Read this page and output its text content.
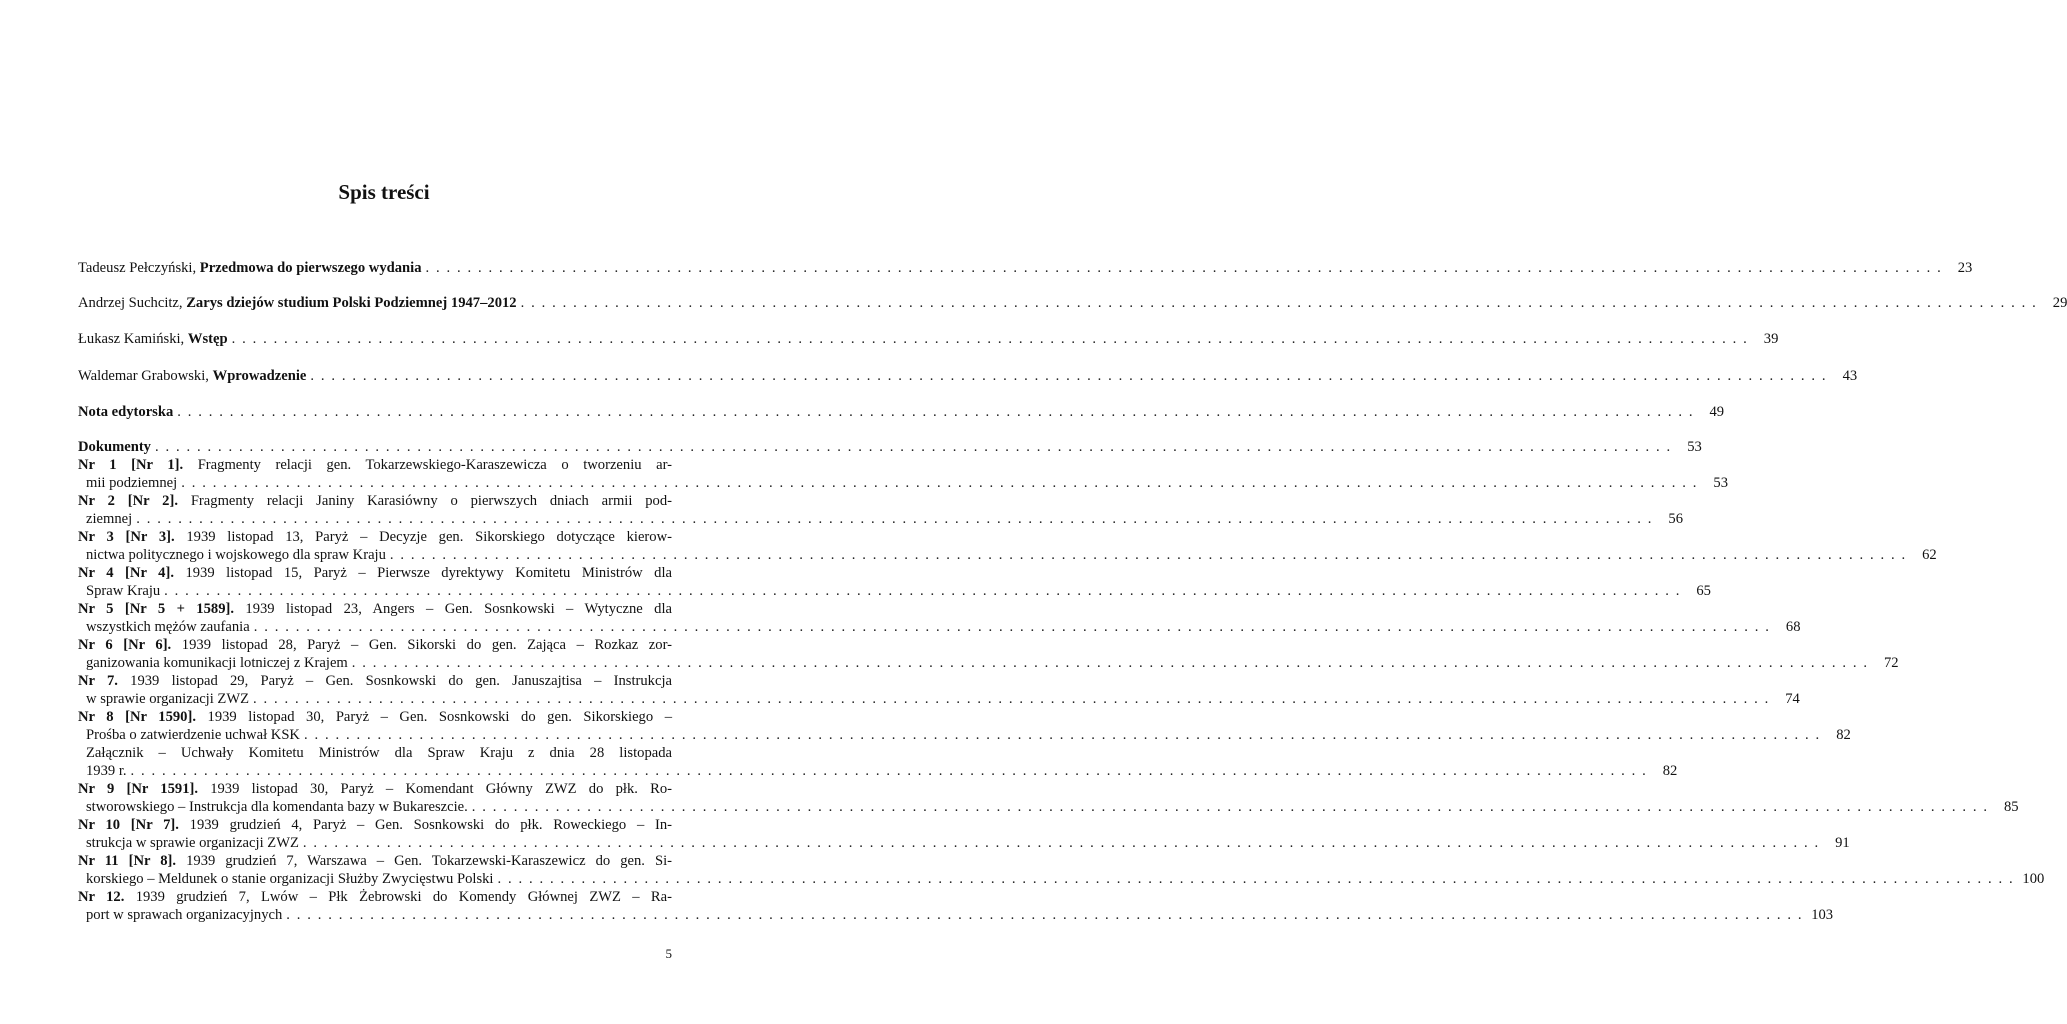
Spis treści
Tadeusz Pełczyński, Przedmowa do pierwszego wydania . . .	23
Andrzej Suchcitz, Zarys dziejów studium Polski Podziemnej 1947–2012 . . .	29
Łukasz Kamiński, Wstęp . . .	39
Waldemar Grabowski, Wprowadzenie . . .	43
Nota edytorska . . .	49
Dokumenty . . .	53
Nr 1 [Nr 1]. Fragmenty relacji gen. Tokarzewskiego-Karaszewicza o tworzeniu ar-
mii podziemnej . . .	53
Nr 2 [Nr 2]. Fragmenty relacji Janiny Karasiówny o pierwszych dniach armii pod-
ziemnej . . .	56
Nr 3 [Nr 3]. 1939 listopad 13, Paryż – Decyzje gen. Sikorskiego dotyczące kierow-
nictwa politycznego i wojskowego dla spraw Kraju . . .	62
Nr 4 [Nr 4]. 1939 listopad 15, Paryż – Pierwsze dyrektywy Komitetu Ministrów dla
Spraw Kraju . . .	65
Nr 5 [Nr 5 + 1589]. 1939 listopad 23, Angers – Gen. Sosnkowski – Wytyczne dla
wszystkich mężów zaufania . . .	68
Nr 6 [Nr 6]. 1939 listopad 28, Paryż – Gen. Sikorski do gen. Zająca – Rozkaz zor-
ganizowania komunikacji lotniczej z Krajem . . .	72
Nr 7. 1939 listopad 29, Paryż – Gen. Sosnkowski do gen. Januszajtisa – Instrukcja
w sprawie organizacji ZWZ . . .	74
Nr 8 [Nr 1590]. 1939 listopad 30, Paryż – Gen. Sosnkowski do gen. Sikorskiego –
Prośba o zatwierdzenie uchwał KSK . . .	82
Załącznik – Uchwały Komitetu Ministrów dla Spraw Kraju z dnia 28 listopada
1939 r. . . .	82
Nr 9 [Nr 1591]. 1939 listopad 30, Paryż – Komendant Główny ZWZ do płk. Ro-
stworowskiego – Instrukcja dla komendanta bazy w Bukareszcie. . . .	85
Nr 10 [Nr 7]. 1939 grudzień 4, Paryż – Gen. Sosnkowski do płk. Roweckiego – In-
strukcja w sprawie organizacji ZWZ . . .	91
Nr 11 [Nr 8]. 1939 grudzień 7, Warszawa – Gen. Tokarzewski-Karaszewicz do gen. Si-
korskiego – Meldunek o stanie organizacji Służby Zwycięstwu Polski . . .	100
Nr 12. 1939 grudzień 7, Lwów – Płk Żebrowski do Komendy Głównej ZWZ – Ra-
port w sprawach organizacyjnych . . .	103
5
